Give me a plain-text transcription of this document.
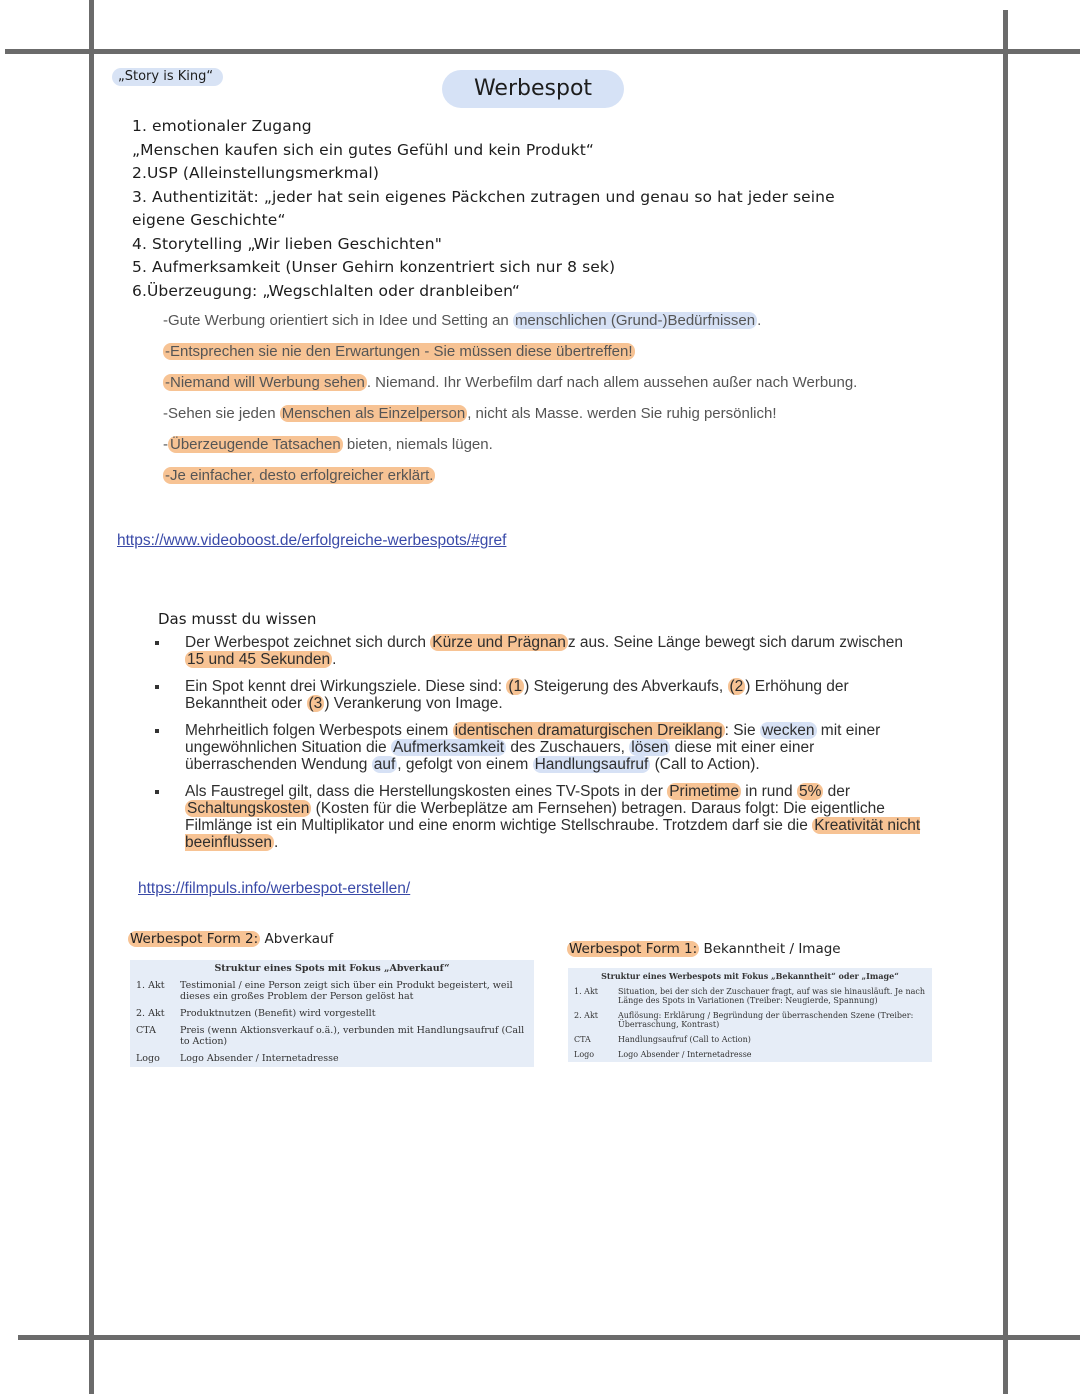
„Story is King“	Werbespot
1. emotionaler Zugang
„Menschen kaufen sich ein gutes Gefühl und kein Produkt“
2.USP (Alleinstellungsmerkmal)
3. Authentizität: „jeder hat sein eigenes Päckchen zutragen und genau so hat jeder seine
eigene Geschichte“
4. Storytelling „Wir lieben Geschichten"
5. Aufmerksamkeit (Unser Gehirn konzentriert sich nur 8 sek)
6.Überzeugung: „Wegschlalten oder dranbleiben“

-Gute Werbung orientiert sich in Idee und Setting an menschlichen (Grund-)Bedürfnissen .

-Entsprechen sie nie den Erwartungen - Sie müssen diese übertreffen!

-Niemand will Werbung sehen . Niemand. Ihr Werbefilm darf nach allem aussehen außer nach Werbung.

-Sehen sie jeden Menschen als Einzelperson , nicht als Masse. werden Sie ruhig persönlich!

- Überzeugende Tatsachen bieten, niemals lügen.

-Je einfacher, desto erfolgreicher erklärt.

https://www.videoboost.de/erfolgreiche-werbespots/#gref
Das musst du wissen
Der Werbespot zeichnet sich durch Kürze und Prägnan z aus. Seine Länge bewegt sich darum zwischen 15 und 45 Sekunden .
Ein Spot kennt drei Wirkungsziele. Diese sind: (1 ) Steigerung des Abverkaufs, (2 ) Erhöhung der Bekanntheit oder (3 ) Verankerung von Image.
Mehrheitlich folgen Werbespots einem identischen dramaturgischen Dreiklang : Sie wecken mit einer ungewöhnlichen Situation die Aufmerksamkeit des Zuschauers, lösen diese mit einer einer überraschenden Wendung auf , gefolgt von einem Handlungsaufruf (Call to Action).
Als Faustregel gilt, dass die Herstellungskosten eines TV-Spots in der Primetime in rund 5% der Schaltungskosten (Kosten für die Werbeplätze am Fernsehen) betragen. Daraus folgt: Die eigentliche Filmlänge ist ein Multiplikator und eine enorm wichtige Stellschraube. Trotzdem darf sie die Kreativität nicht beeinflussen .
https://filmpuls.info/werbespot-erstellen/
Werbespot Form 2: Abverkauf
Struktur eines Spots mit Fokus „Abverkauf“	
1. Akt	Testimonial / eine Person zeigt sich über ein Produkt begeistert, weil dieses ein großes Problem der Person gelöst hat
2. Akt	Produktnutzen (Benefit) wird vorgestellt
CTA	Preis (wenn Aktionsverkauf o.ä.), verbunden mit Handlungsaufruf (Call to Action)
Logo	Logo Absender / Internetadresse
Werbespot Form 1: Bekanntheit / Image
Struktur eines Werbespots mit Fokus „Bekanntheit“ oder „Image“	
1. Akt	Situation, bei der sich der Zuschauer fragt, auf was sie hinausläuft. Je nach Länge des Spots in Variationen (Treiber: Neugierde, Spannung)
2. Akt	Auflösung: Erklärung / Begründung der überraschenden Szene (Treiber: Überraschung, Kontrast)
CTA	Handlungsaufruf (Call to Action)
Logo	Logo Absender / Internetadresse
